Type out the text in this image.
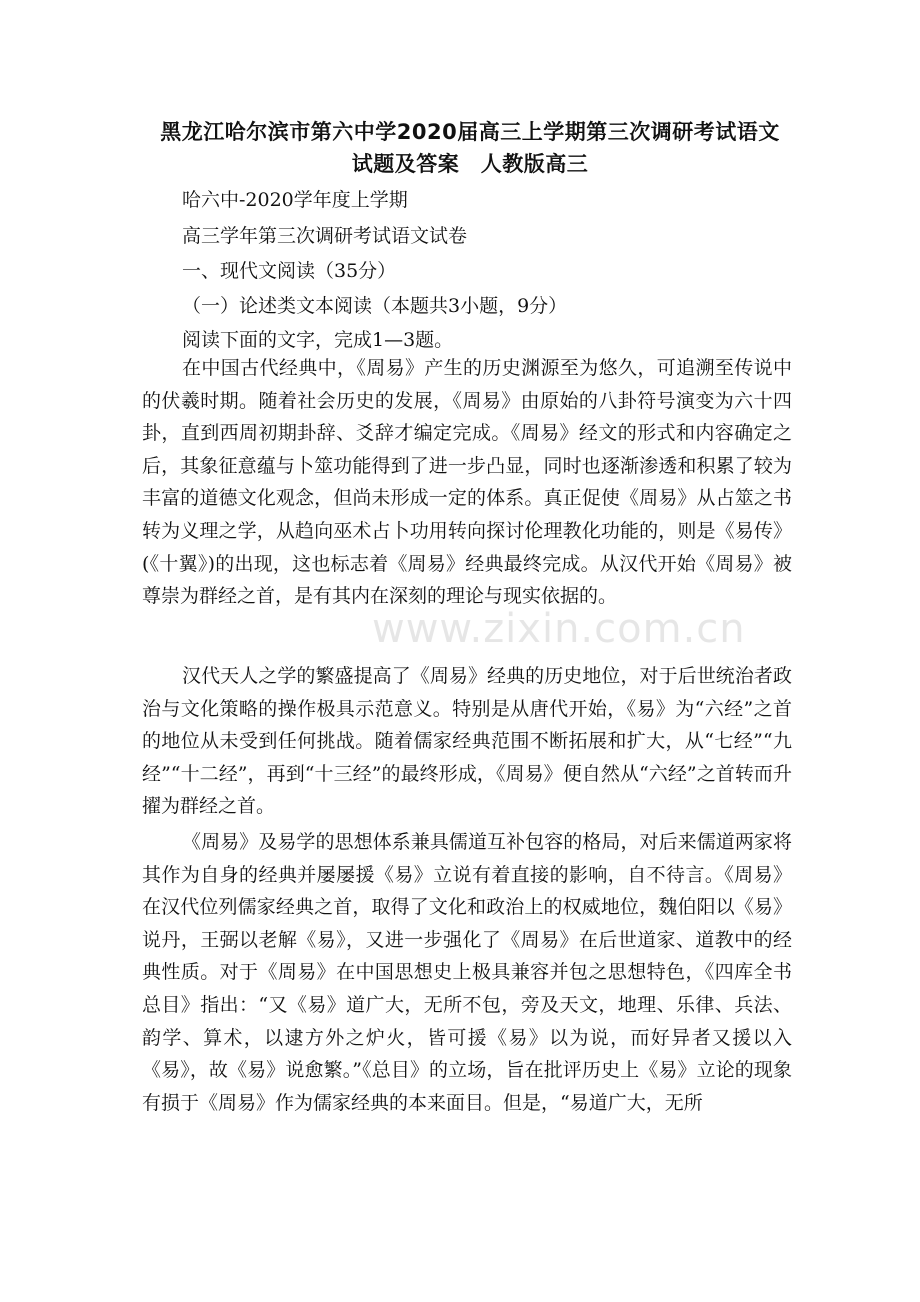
黑龙江哈尔滨市第六中学2020届高三上学期第三次调研考试语文试题及答案　人教版高三
哈六中-2020学年度上学期
高三学年第三次调研考试语文试卷
一、现代文阅读（35分）
（一）论述类文本阅读（本题共3小题，9分）
阅读下面的文字，完成1—3题。

在中国古代经典中，《周易》产生的历史渊源至为悠久，可追溯至传说中的伏羲时期。随着社会历史的发展，《周易》由原始的八卦符号演变为六十四卦，直到西周初期卦辞、爻辞才编定完成。《周易》经文的形式和内容确定之后，其象征意蕴与卜筮功能得到了进一步凸显，同时也逐渐渗透和积累了较为丰富的道德文化观念，但尚未形成一定的体系。真正促使《周易》从占筮之书转为义理之学，从趋向巫术占卜功用转向探讨伦理教化功能的，则是《易传》(《十翼》)的出现，这也标志着《周易》经典最终完成。从汉代开始《周易》被尊崇为群经之首，是有其内在深刻的理论与现实依据的。

汉代天人之学的繁盛提高了《周易》经典的历史地位，对于后世统治者政治与文化策略的操作极具示范意义。特别是从唐代开始，《易》为“六经”之首的地位从未受到任何挑战。随着儒家经典范围不断拓展和扩大，从“七经”“九经”“十二经”，再到“十三经”的最终形成，《周易》便自然从“六经”之首转而升擢为群经之首。

《周易》及易学的思想体系兼具儒道互补包容的格局，对后来儒道两家将其作为自身的经典并屡屡援《易》立说有着直接的影响，自不待言。《周易》在汉代位列儒家经典之首，取得了文化和政治上的权威地位，魏伯阳以《易》说丹，王弼以老解《易》，又进一步强化了《周易》在后世道家、道教中的经典性质。对于《周易》在中国思想史上极具兼容并包之思想特色，《四库全书总目》指出：“又《易》道广大，无所不包，旁及天文，地理、乐律、兵法、韵学、算术，以逮方外之炉火，皆可援《易》以为说，而好异者又援以入《易》，故《易》说愈繁。”《总目》的立场，旨在批评历史上《易》立论的现象有损于《周易》作为儒家经典的本来面目。但是，“易道广大，无所

www.zixin.com.cn
